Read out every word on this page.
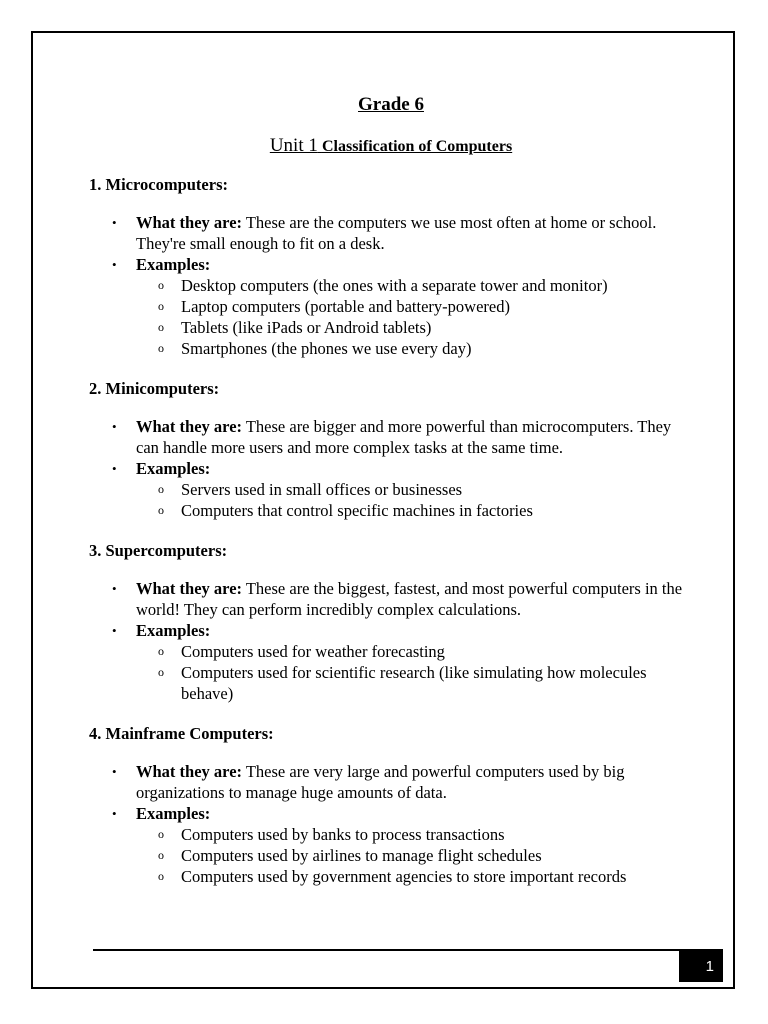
Grade 6
Unit 1 Classification of Computers
1. Microcomputers:
• What they are: These are the computers we use most often at home or school. They're small enough to fit on a desk.
• Examples:
o Desktop computers (the ones with a separate tower and monitor)
o Laptop computers (portable and battery-powered)
o Tablets (like iPads or Android tablets)
o Smartphones (the phones we use every day)
2. Minicomputers:
• What they are: These are bigger and more powerful than microcomputers. They can handle more users and more complex tasks at the same time.
• Examples:
o Servers used in small offices or businesses
o Computers that control specific machines in factories
3. Supercomputers:
• What they are: These are the biggest, fastest, and most powerful computers in the world! They can perform incredibly complex calculations.
• Examples:
o Computers used for weather forecasting
o Computers used for scientific research (like simulating how molecules behave)
4. Mainframe Computers:
• What they are: These are very large and powerful computers used by big organizations to manage huge amounts of data.
• Examples:
o Computers used by banks to process transactions
o Computers used by airlines to manage flight schedules
o Computers used by government agencies to store important records
1
